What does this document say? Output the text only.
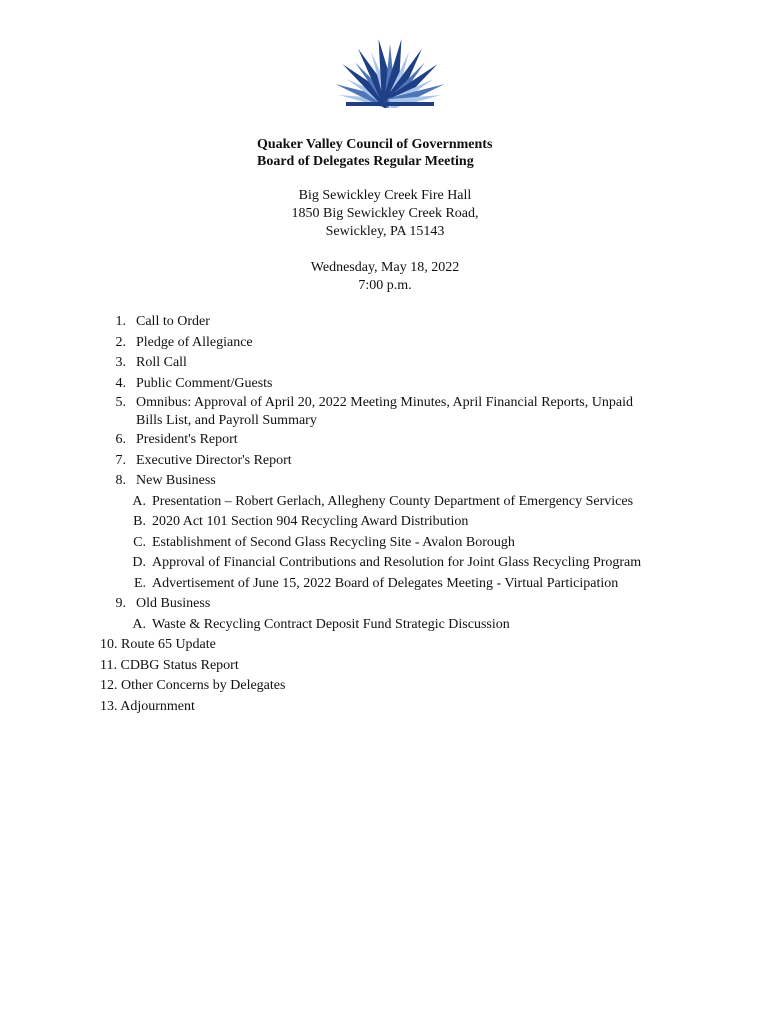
Quaker Valley Council of Governments
Board of Delegates Regular Meeting
Big Sewickley Creek Fire Hall
1850 Big Sewickley Creek Road,
Sewickley, PA 15143
Wednesday, May 18, 2022
7:00 p.m.
1. Call to Order
2. Pledge of Allegiance
3. Roll Call
4. Public Comment/Guests
5. Omnibus: Approval of April 20, 2022 Meeting Minutes, April Financial Reports, Unpaid Bills List, and Payroll Summary
6. President's Report
7. Executive Director's Report
8. New Business
A. Presentation – Robert Gerlach, Allegheny County Department of Emergency Services
B. 2020 Act 101 Section 904 Recycling Award Distribution
C. Establishment of Second Glass Recycling Site - Avalon Borough
D. Approval of Financial Contributions and Resolution for Joint Glass Recycling Program
E. Advertisement of June 15, 2022 Board of Delegates Meeting - Virtual Participation
9. Old Business
A. Waste & Recycling Contract Deposit Fund Strategic Discussion
10. Route 65 Update
11. CDBG Status Report
12. Other Concerns by Delegates
13. Adjournment
